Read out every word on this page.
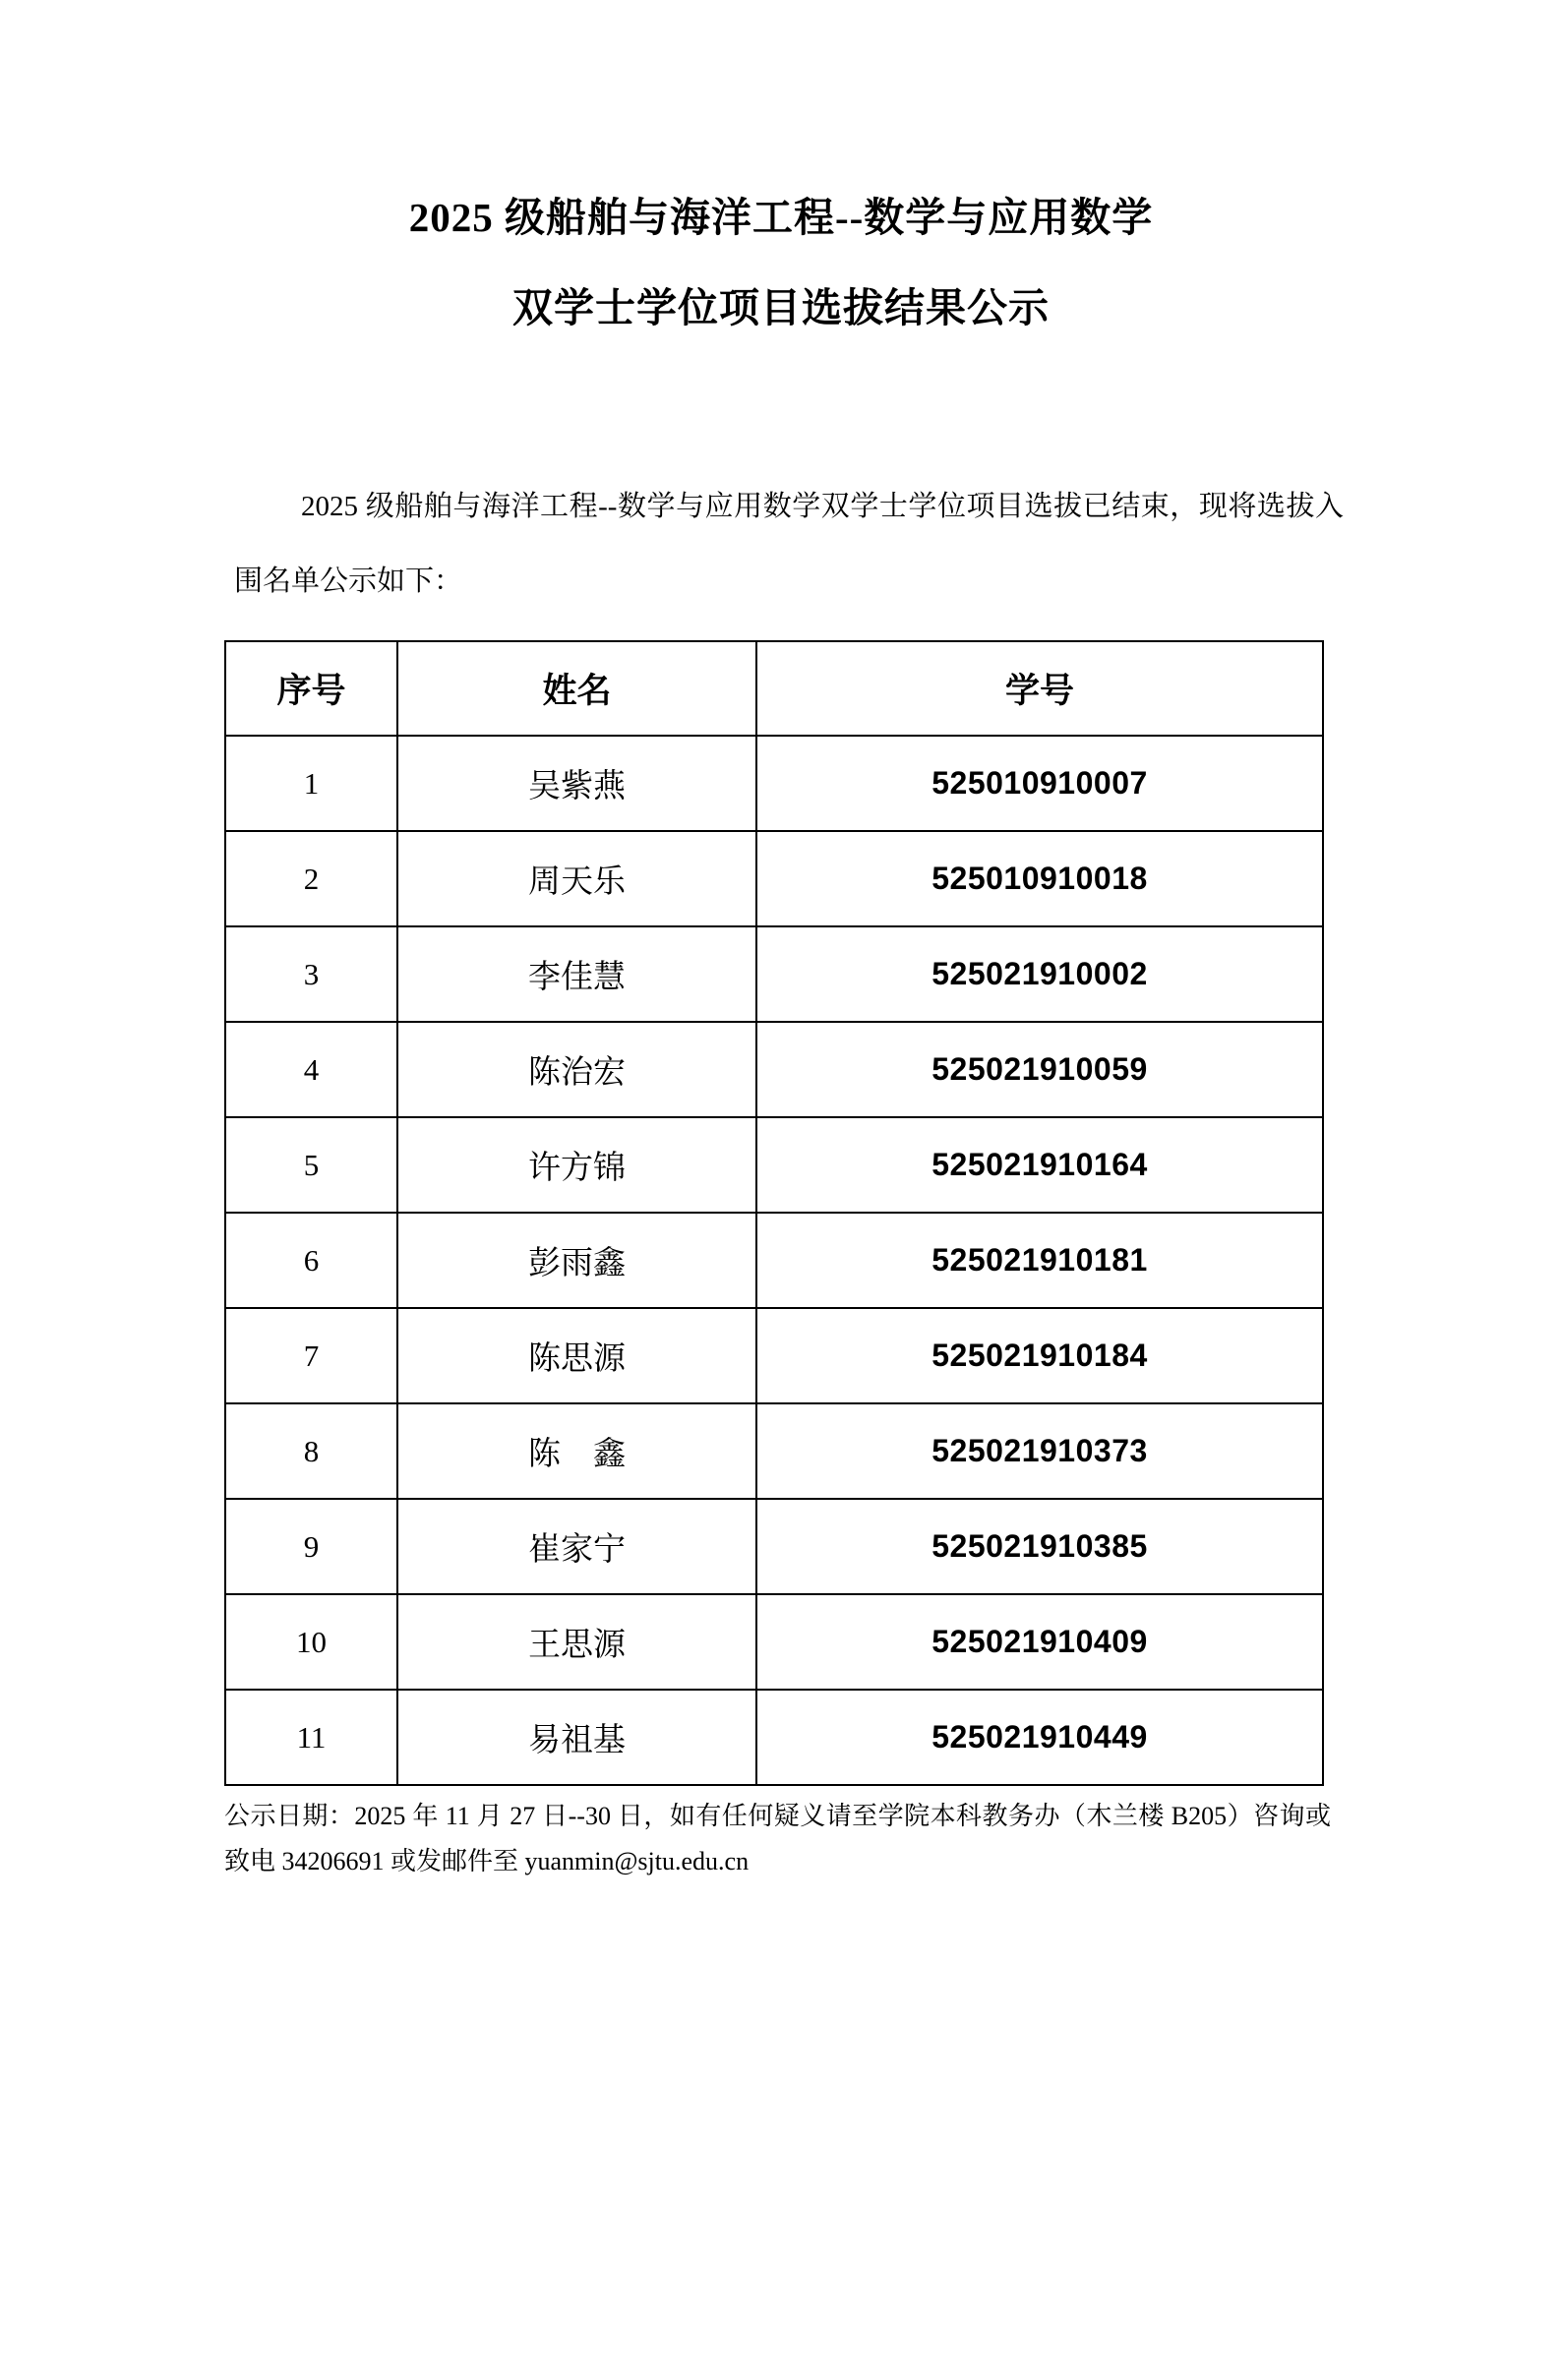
2025 级船舶与海洋工程--数学与应用数学
双学士学位项目选拔结果公示
2025 级船舶与海洋工程--数学与应用数学双学士学位项目选拔已结束，现将选拔入围名单公示如下：
序号	姓名	学号
1	吴紫燕	525010910007
2	周天乐	525010910018
3	李佳慧	525021910002
4	陈治宏	525021910059
5	许方锦	525021910164
6	彭雨鑫	525021910181
7	陈思源	525021910184
8	陈　鑫	525021910373
9	崔家宁	525021910385
10	王思源	525021910409
11	易祖基	525021910449
公示日期：2025 年 11 月 27 日--30 日，如有任何疑义请至学院本科教务办（木兰楼 B205）咨询或致电 34206691 或发邮件至 yuanmin@sjtu.edu.cn
